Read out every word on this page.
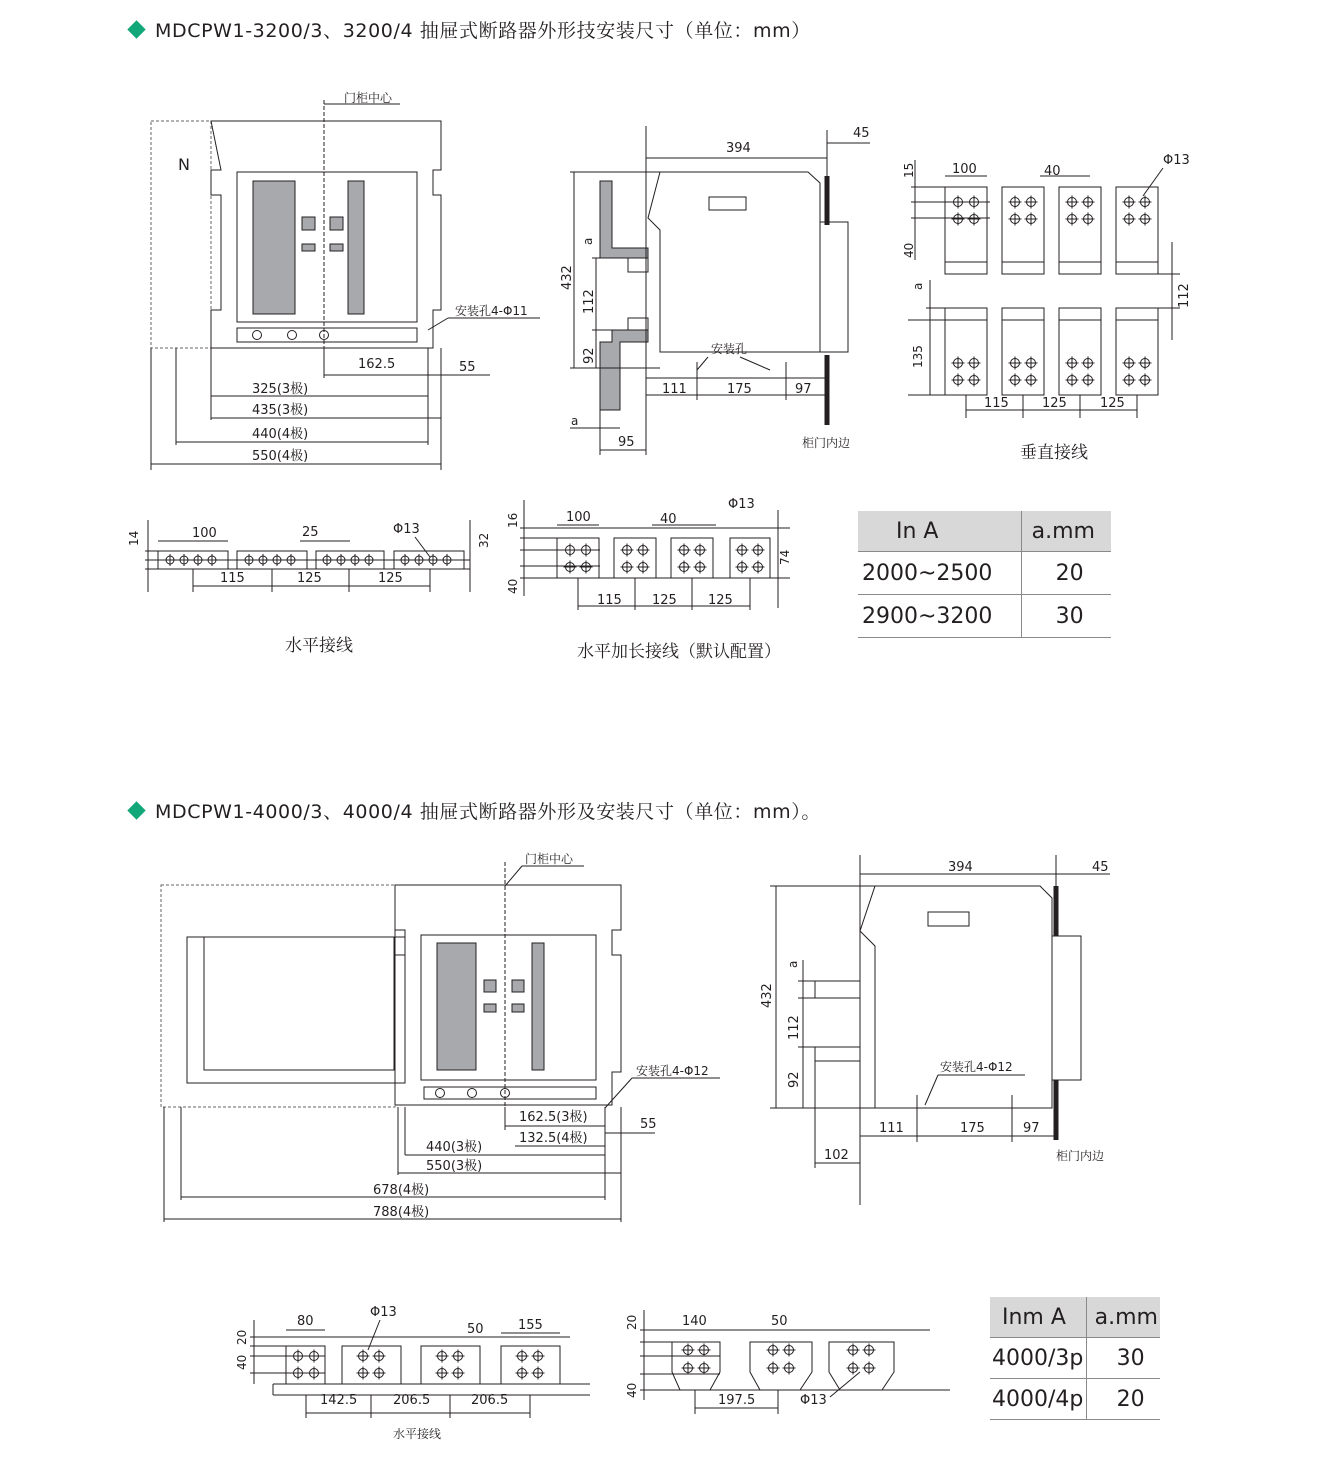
MDCPW1-3200/3、3200/4 抽屉式断路器外形技安装尺寸（单位：mm）
MDCPW1-4000/3、4000/4 抽屉式断路器外形及安装尺寸（单位：mm）。
门柜中心
N
安装孔4-Φ11
162.5	55
325(3极)
435(3极)
440(4极)
550(4极)
394
45
432
112
92
a
a
安装孔
111	175	97
95	柜门内边
100	40
Φ13
15
40
112
a
135
115	125	125
垂直接线
100	25	Φ13
14	32
115	125	125
水平接线
100	40
Φ13
16
40
74
115 125 125
水平加长接线（默认配置）
门柜中心
安装孔4-Φ12
162.5(3极)
132.5(4极)
55
440(3极)
550(3极)
678(4极)
788(4极)
394	45
432
a
112
92
安装孔4-Φ12
111	175	97
102	柜门内边
80
Φ13
50	155
20
40
142.5	206.5	206.5
水平接线
140	50
20
40
197.5	Φ13
In A	a.mm
2000~2500	20
2900~3200	30
Inm A	a.mm
4000/3p	30
4000/4p	20
